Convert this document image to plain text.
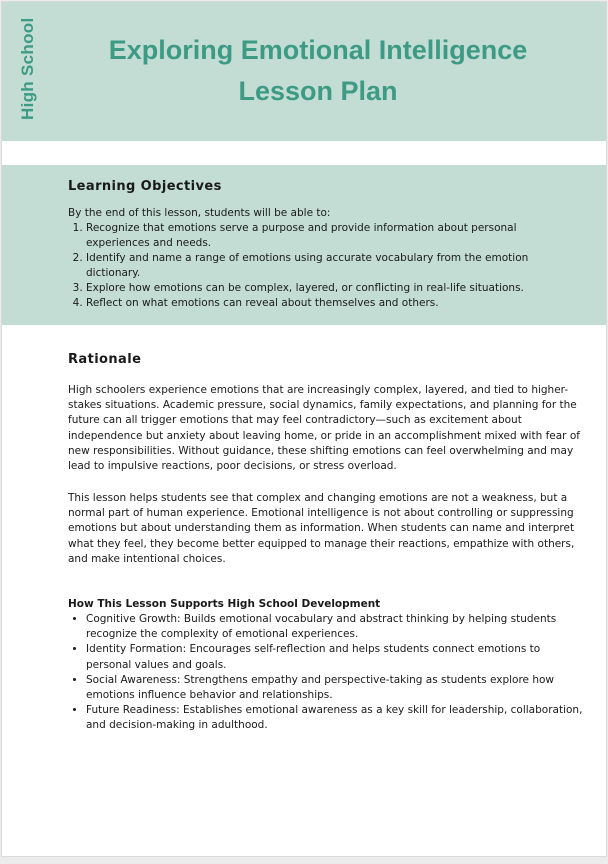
High School	Exploring Emotional Intelligence
Lesson Plan
Learning Objectives

By the end of this lesson, students will be able to:

1. Recognize that emotions serve a purpose and provide information about personal experiences and needs.
2. Identify and name a range of emotions using accurate vocabulary from the emotion dictionary.
3. Explore how emotions can be complex, layered, or conflicting in real-life situations.
4. Reflect on what emotions can reveal about themselves and others.
Rationale

High schoolers experience emotions that are increasingly complex, layered, and tied to higher-stakes situations. Academic pressure, social dynamics, family expectations, and planning for the future can all trigger emotions that may feel contradictory—such as excitement about independence but anxiety about leaving home, or pride in an accomplishment mixed with fear of new responsibilities. Without guidance, these shifting emotions can feel overwhelming and may lead to impulsive reactions, poor decisions, or stress overload.

This lesson helps students see that complex and changing emotions are not a weakness, but a normal part of human experience. Emotional intelligence is not about controlling or suppressing emotions but about understanding them as information. When students can name and interpret what they feel, they become better equipped to manage their reactions, empathize with others, and make intentional choices.

How This Lesson Supports High School Development
• Cognitive Growth: Builds emotional vocabulary and abstract thinking by helping students recognize the complexity of emotional experiences.
• Identity Formation: Encourages self-reflection and helps students connect emotions to personal values and goals.
• Social Awareness: Strengthens empathy and perspective-taking as students explore how emotions influence behavior and relationships.
• Future Readiness: Establishes emotional awareness as a key skill for leadership, collaboration, and decision-making in adulthood.
